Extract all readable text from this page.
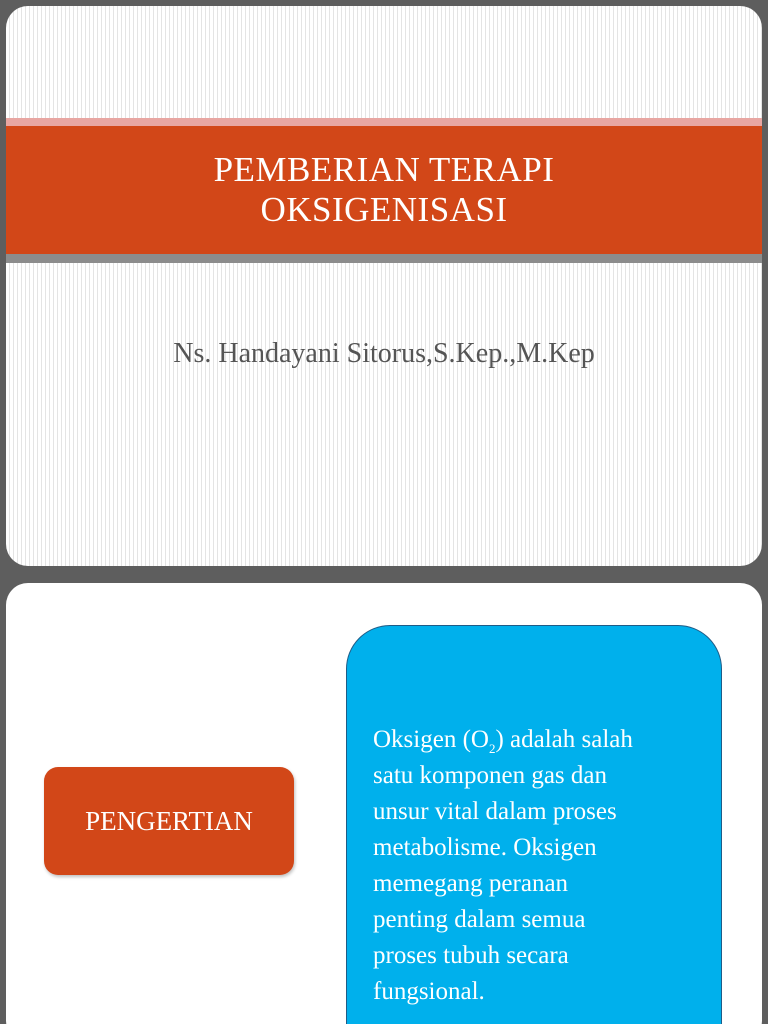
PEMBERIAN TERAPI
OKSIGENISASI
Ns. Handayani Sitorus,S.Kep.,M.Kep
PENGERTIAN
Oksigen $(O_2)$ adalah salah
satu komponen gas dan
unsur vital dalam proses
metabolisme. Oksigen
memegang peranan
penting dalam semua
proses tubuh secara
fungsional.
